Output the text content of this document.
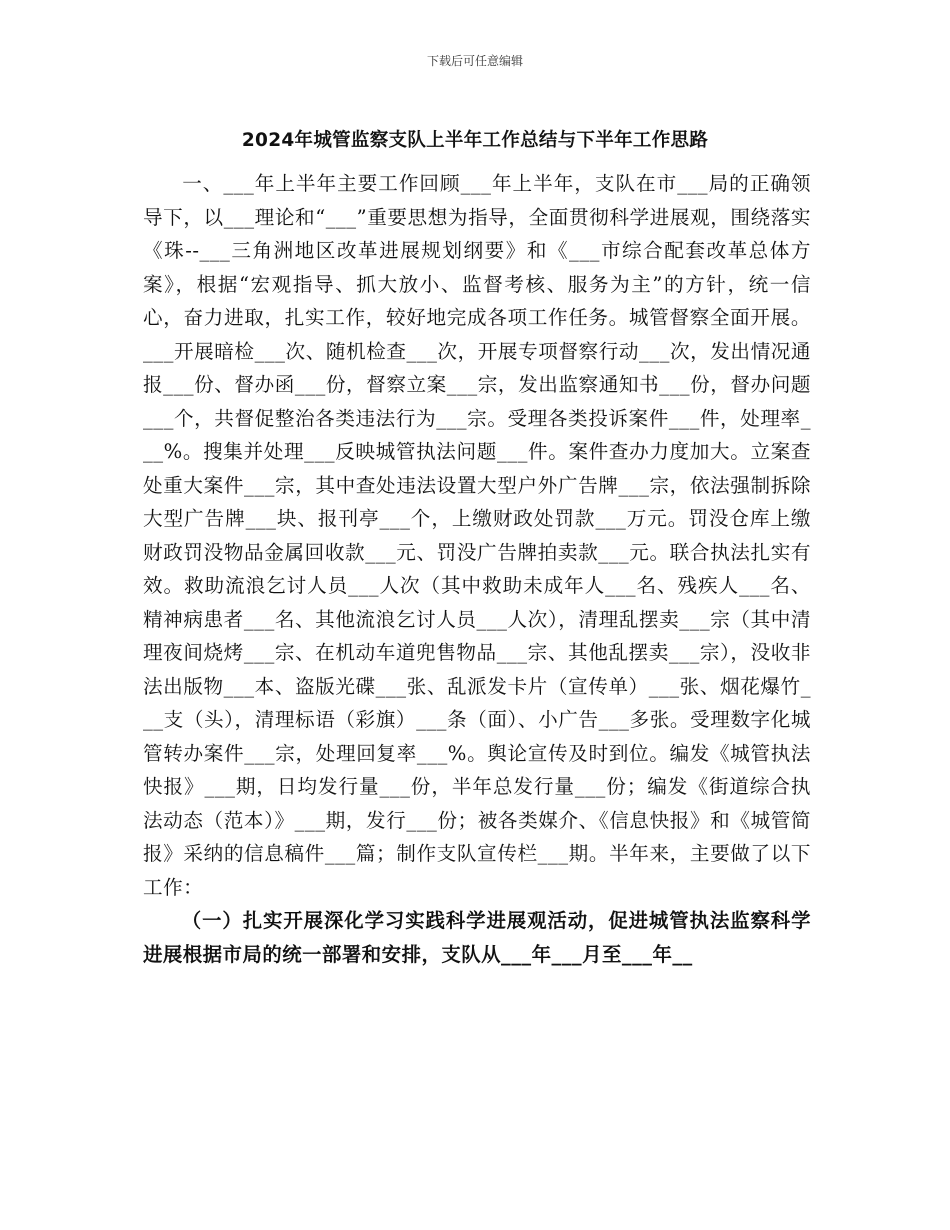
下载后可任意编辑
2024年城管监察支队上半年工作总结与下半年工作思路

一、___年上半年主要工作回顾___年上半年，支队在市___局的正确领导下，以___理论和“___”重要思想为指导，全面贯彻科学进展观，围绕落实《珠--___三角洲地区改革进展规划纲要》和《___市综合配套改革总体方案》，根据“宏观指导、抓大放小、监督考核、服务为主”的方针，统一信心，奋力进取，扎实工作，较好地完成各项工作任务。城管督察全面开展。___开展暗检___次、随机检查___次，开展专项督察行动___次，发出情况通报___份、督办函___份，督察立案___宗，发出监察通知书___份，督办问题___个，共督促整治各类违法行为___宗。受理各类投诉案件___件，处理率___%。搜集并处理___反映城管执法问题___件。案件查办力度加大。立案查处重大案件___宗，其中查处违法设置大型户外广告牌___宗，依法强制拆除大型广告牌___块、报刊亭___个，上缴财政处罚款___万元。罚没仓库上缴财政罚没物品金属回收款___元、罚没广告牌拍卖款___元。联合执法扎实有效。救助流浪乞讨人员___人次（其中救助未成年人___名、残疾人___名、精神病患者___名、其他流浪乞讨人员___人次），清理乱摆卖___宗（其中清理夜间烧烤___宗、在机动车道兜售物品___宗、其他乱摆卖___宗），没收非法出版物___本、盗版光碟___张、乱派发卡片（宣传单）___张、烟花爆竹___支（头），清理标语（彩旗）___条（面）、小广告___多张。受理数字化城管转办案件___宗，处理回复率___%。舆论宣传及时到位。编发《城管执法快报》___期，日均发行量___份，半年总发行量___份；编发《街道综合执法动态（范本）》___期，发行___份；被各类媒介、《信息快报》和《城管简报》采纳的信息稿件___篇；制作支队宣传栏___期。半年来，主要做了以下工作：

（一）扎实开展深化学习实践科学进展观活动，促进城管执法监察科学进展根据市局的统一部署和安排，支队从___年___月至___年__
